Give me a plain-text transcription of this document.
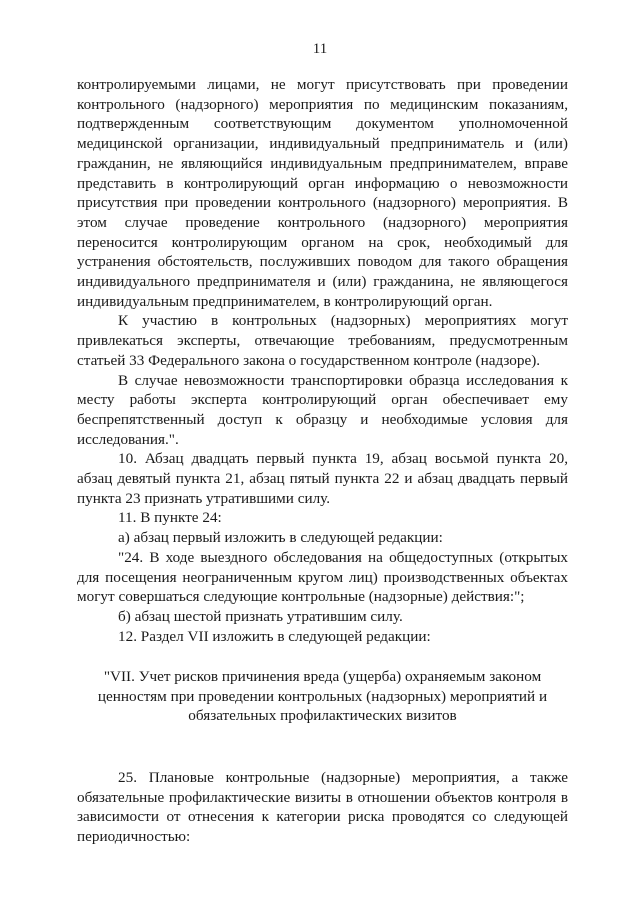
11

контролируемыми лицами, не могут присутствовать при проведении контрольного (надзорного) мероприятия по медицинским показаниям, подтвержденным соответствующим документом уполномоченной медицинской организации, индивидуальный предприниматель и (или) гражданин, не являющийся индивидуальным предпринимателем, вправе представить в контролирующий орган информацию о невозможности присутствия при проведении контрольного (надзорного) мероприятия. В этом случае проведение контрольного (надзорного) мероприятия переносится контролирующим органом на срок, необходимый для устранения обстоятельств, послуживших поводом для такого обращения индивидуального предпринимателя и (или) гражданина, не являющегося индивидуальным предпринимателем, в контролирующий орган.

К участию в контрольных (надзорных) мероприятиях могут привлекаться эксперты, отвечающие требованиям, предусмотренным статьей 33 Федерального закона о государственном контроле (надзоре).

В случае невозможности транспортировки образца исследования к месту работы эксперта контролирующий орган обеспечивает ему беспрепятственный доступ к образцу и необходимые условия для исследования.".

10. Абзац двадцать первый пункта 19, абзац восьмой пункта 20, абзац девятый пункта 21, абзац пятый пункта 22 и абзац двадцать первый пункта 23 признать утратившими силу.

11. В пункте 24:

а) абзац первый изложить в следующей редакции:

"24. В ходе выездного обследования на общедоступных (открытых для посещения неограниченным кругом лиц) производственных объектах могут совершаться следующие контрольные (надзорные) действия:";

б) абзац шестой признать утратившим силу.

12. Раздел VII изложить в следующей редакции:

"VII. Учет рисков причинения вреда (ущерба) охраняемым законом ценностям при проведении контрольных (надзорных) мероприятий и обязательных профилактических визитов

25. Плановые контрольные (надзорные) мероприятия, а также обязательные профилактические визиты в отношении объектов контроля в зависимости от отнесения к категории риска проводятся со следующей периодичностью:
